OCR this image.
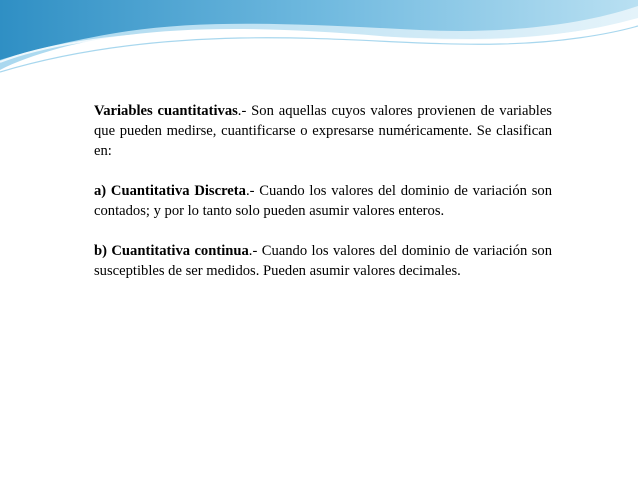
Variables cuantitativas.- Son aquellas cuyos valores provienen de variables que pueden medirse, cuantificarse o expresarse numéricamente. Se clasifican en:

a) Cuantitativa Discreta.- Cuando los valores del dominio de variación son contados; y por lo tanto solo pueden asumir valores enteros.

b) Cuantitativa continua.- Cuando los valores del dominio de variación son susceptibles de ser medidos. Pueden asumir valores decimales.
